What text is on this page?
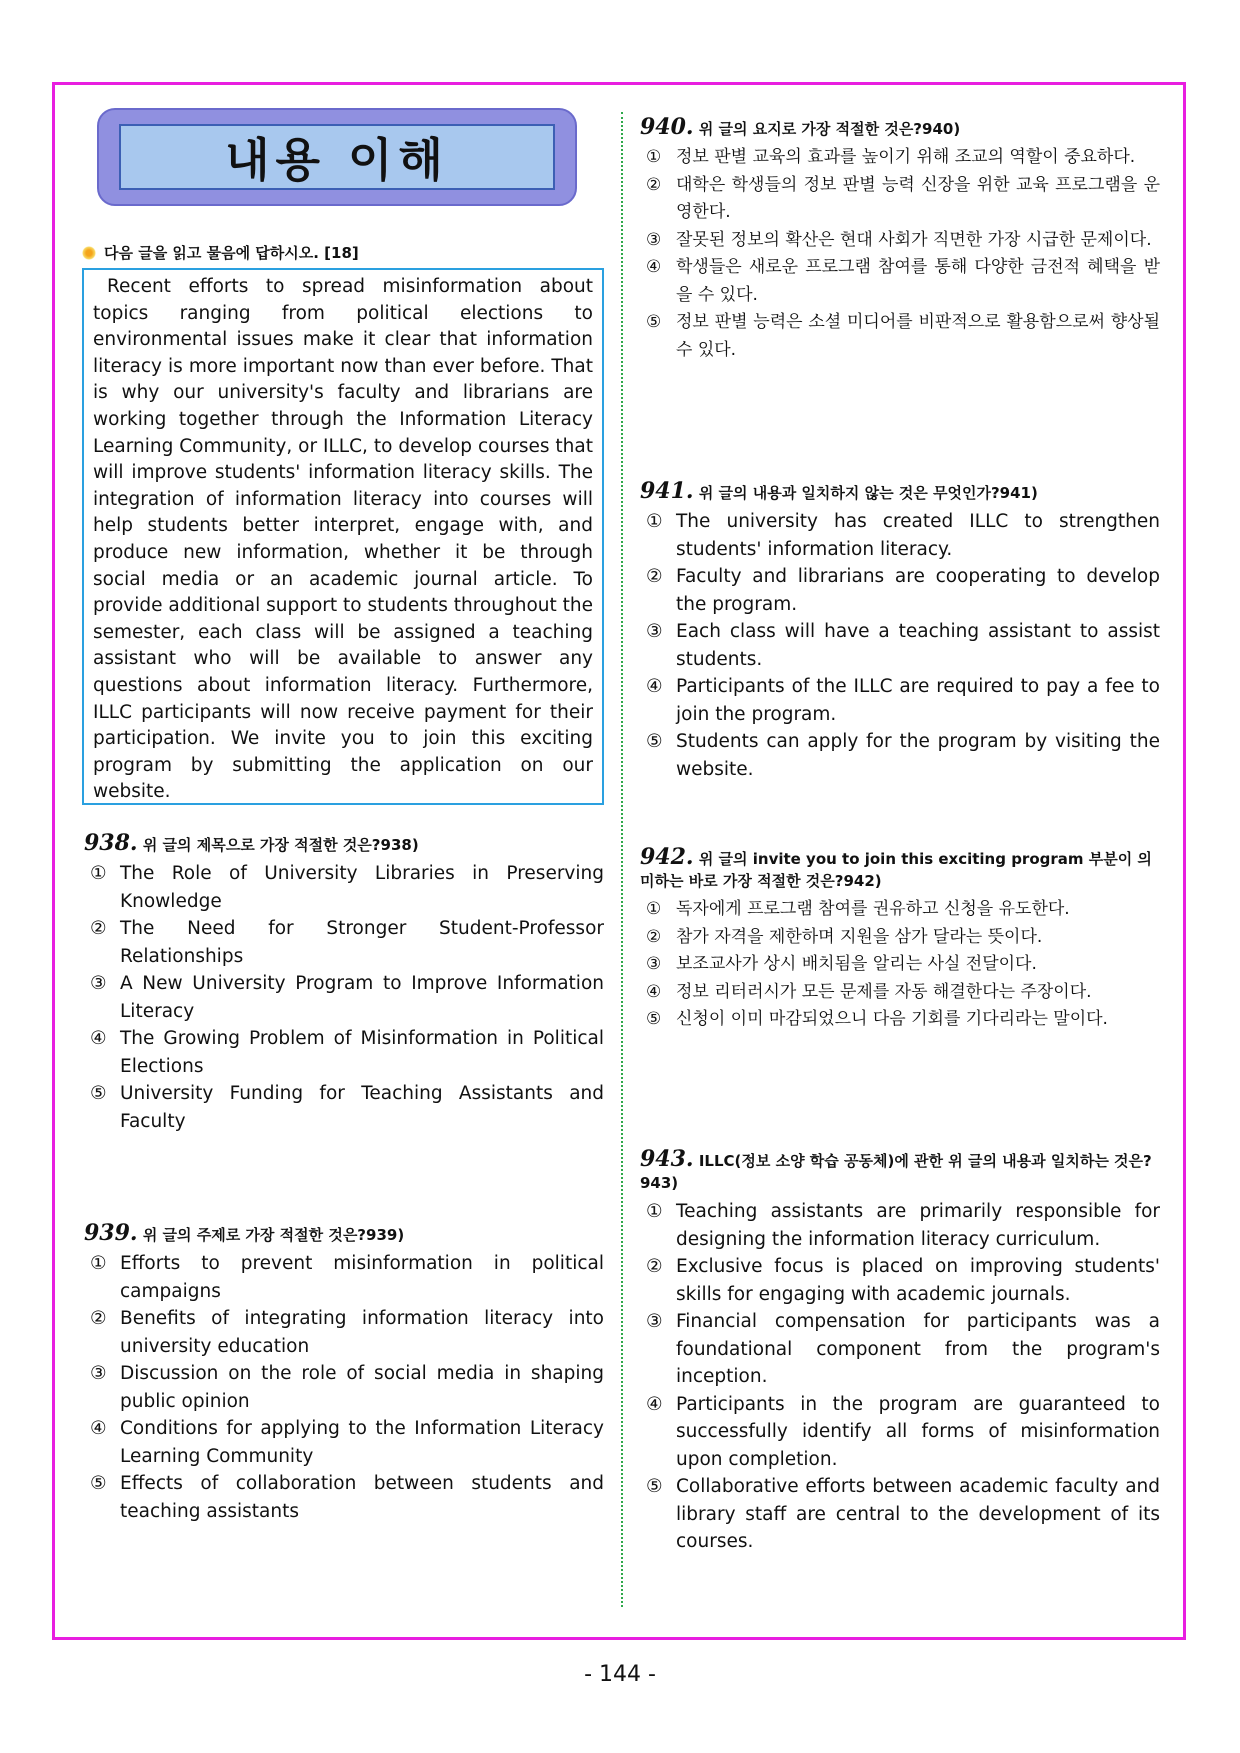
내용 이해
다음 글을 읽고 물음에 답하시오. [18]

Recent efforts to spread misinformation about topics ranging from political elections to environmental issues make it clear that information literacy is more important now than ever before. That is why our university's faculty and librarians are working together through the Information Literacy Learning Community, or ILLC, to develop courses that will improve students' information literacy skills. The integration of information literacy into courses will help students better interpret, engage with, and produce new information, whether it be through social media or an academic journal article. To provide additional support to students throughout the semester, each class will be assigned a teaching assistant who will be available to answer any questions about information literacy. Furthermore, ILLC participants will now receive payment for their participation. We invite you to join this exciting program by submitting the application on our website.

938. 위 글의 제목으로 가장 적절한 것은?938)
① The Role of University Libraries in Preserving Knowledge
② The Need for Stronger Student-Professor Relationships
③ A New University Program to Improve Information Literacy
④ The Growing Problem of Misinformation in Political Elections
⑤ University Funding for Teaching Assistants and Faculty
939. 위 글의 주제로 가장 적절한 것은?939)
① Efforts to prevent misinformation in political campaigns
② Benefits of integrating information literacy into university education
③ Discussion on the role of social media in shaping public opinion
④ Conditions for applying to the Information Literacy Learning Community
⑤ Effects of collaboration between students and teaching assistants
940. 위 글의 요지로 가장 적절한 것은?940)
① 정보 판별 교육의 효과를 높이기 위해 조교의 역할이 중요하다.
② 대학은 학생들의 정보 판별 능력 신장을 위한 교육 프로그램을 운영한다.
③ 잘못된 정보의 확산은 현대 사회가 직면한 가장 시급한 문제이다.
④ 학생들은 새로운 프로그램 참여를 통해 다양한 금전적 혜택을 받을 수 있다.
⑤ 정보 판별 능력은 소셜 미디어를 비판적으로 활용함으로써 향상될 수 있다.
941. 위 글의 내용과 일치하지 않는 것은 무엇인가?941)
① The university has created ILLC to strengthen students' information literacy.
② Faculty and librarians are cooperating to develop the program.
③ Each class will have a teaching assistant to assist students.
④ Participants of the ILLC are required to pay a fee to join the program.
⑤ Students can apply for the program by visiting the website.
942. 위 글의 invite you to join this exciting program 부분이 의미하는 바로 가장 적절한 것은?942)
① 독자에게 프로그램 참여를 권유하고 신청을 유도한다.
② 참가 자격을 제한하며 지원을 삼가 달라는 뜻이다.
③ 보조교사가 상시 배치됨을 알리는 사실 전달이다.
④ 정보 리터러시가 모든 문제를 자동 해결한다는 주장이다.
⑤ 신청이 이미 마감되었으니 다음 기회를 기다리라는 말이다.
943. ILLC(정보 소양 학습 공동체)에 관한 위 글의 내용과 일치하는 것은?943)
① Teaching assistants are primarily responsible for designing the information literacy curriculum.
② Exclusive focus is placed on improving students' skills for engaging with academic journals.
③ Financial compensation for participants was a foundational component from the program's inception.
④ Participants in the program are guaranteed to successfully identify all forms of misinformation upon completion.
⑤ Collaborative efforts between academic faculty and library staff are central to the development of its courses.
- 144 -
